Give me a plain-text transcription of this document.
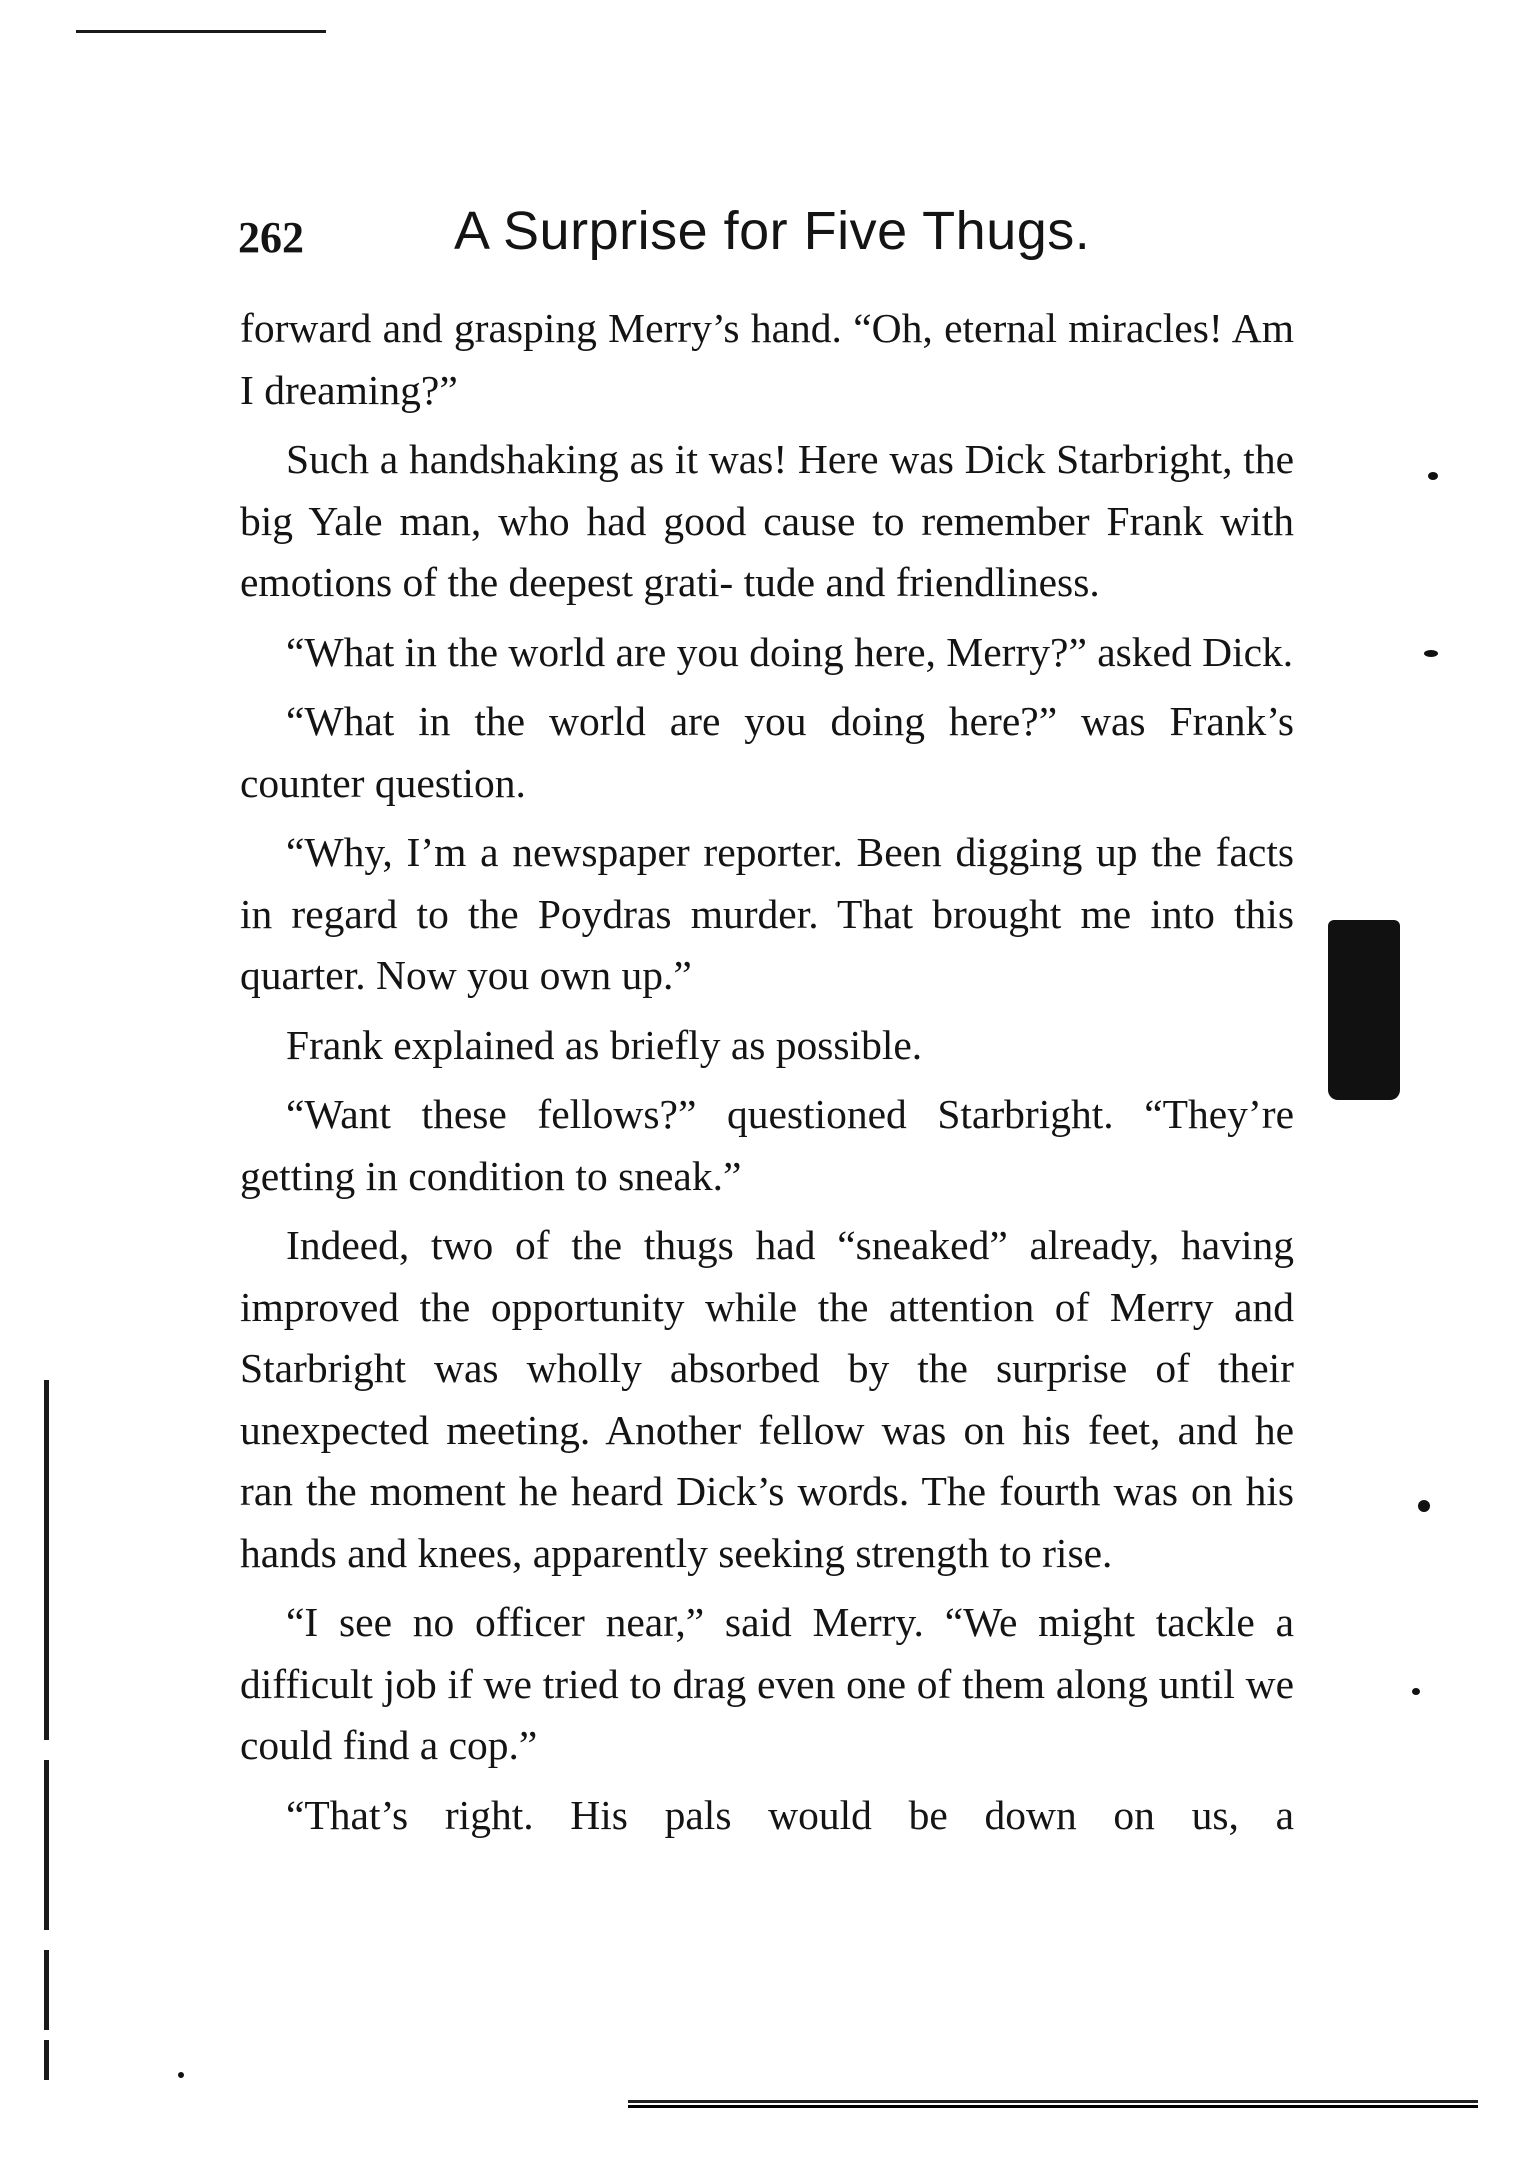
262	A Surprise for Five Thugs.

forward and grasping Merry’s hand. “Oh, eternal miracles! Am I dreaming?”

Such a handshaking as it was! Here was Dick Starbright, the big Yale man, who had good cause to remember Frank with emotions of the deepest grati- tude and friendliness.

“What in the world are you doing here, Merry?” asked Dick.

“What in the world are you doing here?” was Frank’s counter question.

“Why, I’m a newspaper reporter. Been digging up the facts in regard to the Poydras murder. That brought me into this quarter. Now you own up.”

Frank explained as briefly as possible.

“Want these fellows?” questioned Starbright. “They’re getting in condition to sneak.”

Indeed, two of the thugs had “sneaked” already, having improved the opportunity while the attention of Merry and Starbright was wholly absorbed by the surprise of their unexpected meeting. Another fellow was on his feet, and he ran the moment he heard Dick’s words. The fourth was on his hands and knees, apparently seeking strength to rise.

“I see no officer near,” said Merry. “We might tackle a difficult job if we tried to drag even one of them along until we could find a cop.”

“That’s right. His pals would be down on us, a
